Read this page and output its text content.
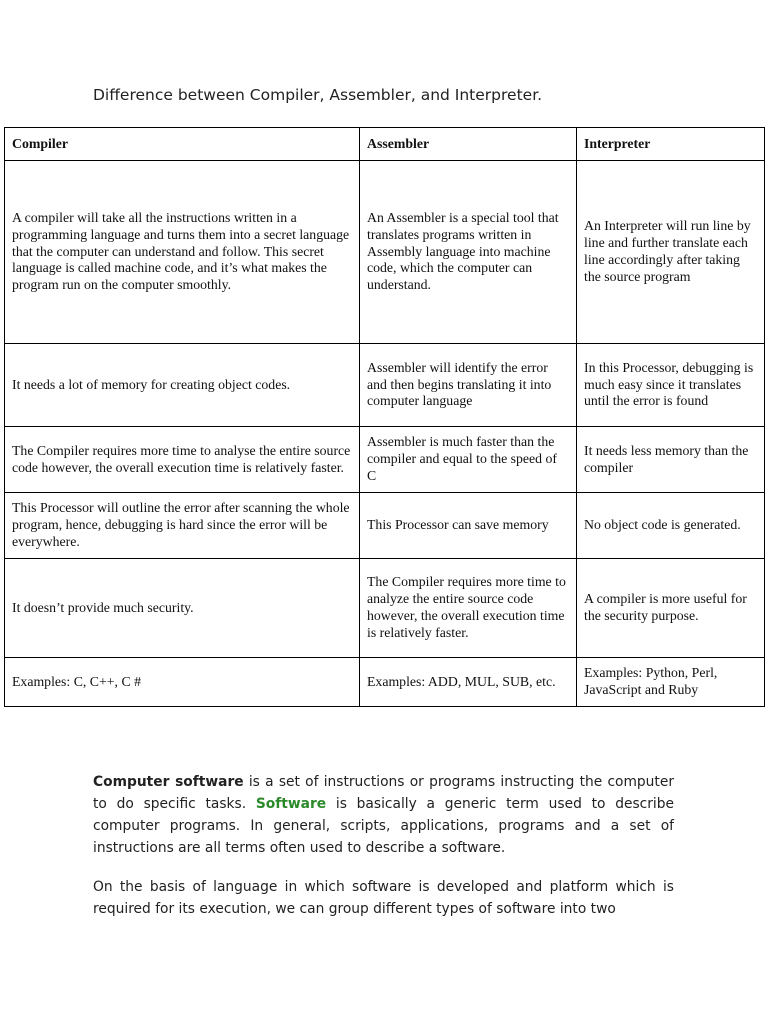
Difference between Compiler, Assembler, and Interpreter.
Compiler	Assembler	Interpreter
A compiler will take all the instructions written in a programming language and turns them into a secret language that the computer can understand and follow. This secret language is called machine code, and it’s what makes the program run on the computer smoothly.	An Assembler is a special tool that translates programs written in Assembly language into machine code, which the computer can understand.	An Interpreter will run line by line and further translate each line accordingly after taking the source program
It needs a lot of memory for creating object codes.	Assembler will identify the error and then begins translating it into computer language	In this Processor, debugging is much easy since it translates until the error is found
The Compiler requires more time to analyse the entire source code however, the overall execution time is relatively faster.	Assembler is much faster than the compiler and equal to the speed of C	It needs less memory than the compiler
This Processor will outline the error after scanning the whole program, hence, debugging is hard since the error will be everywhere.	This Processor can save memory	No object code is generated.
It doesn’t provide much security.	The Compiler requires more time to analyze the entire source code however, the overall execution time is relatively faster.	A compiler is more useful for the security purpose.
Examples: C, C++, C #	Examples: ADD, MUL, SUB, etc.	Examples: Python, Perl, JavaScript and Ruby

Computer software is a set of instructions or programs instructing the computer to do specific tasks. Software is basically a generic term used to describe computer programs. In general, scripts, applications, programs and a set of instructions are all terms often used to describe a software.

On the basis of language in which software is developed and platform which is required for its execution, we can group different types of software into two
